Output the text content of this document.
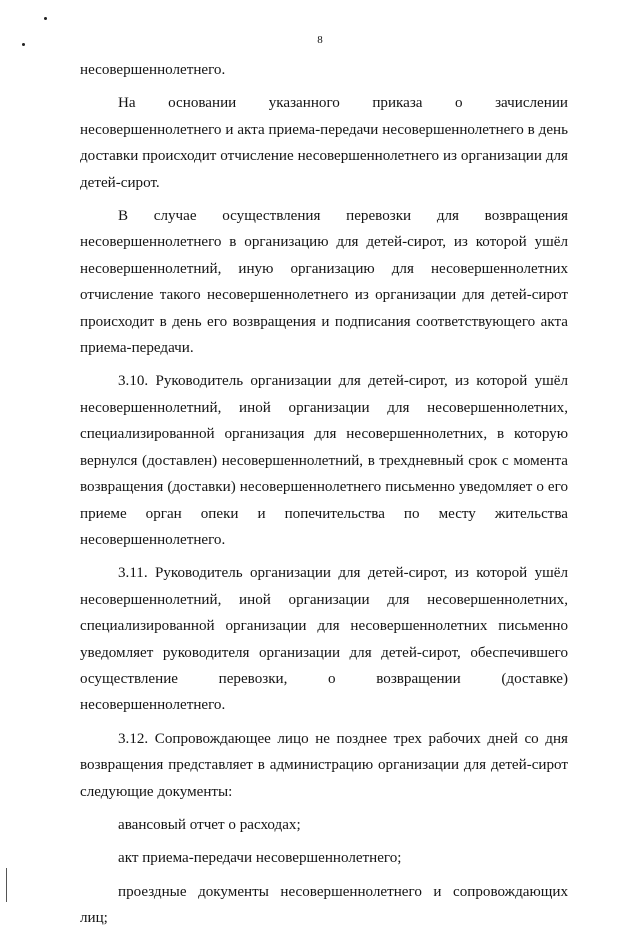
8

несовершеннолетнего.

На основании указанного приказа о зачислении несовершеннолетнего и акта приема-передачи несовершеннолетнего в день доставки происходит отчисление несовершеннолетнего из организации для детей-сирот.

В случае осуществления перевозки для возвращения несовершеннолетнего в организацию для детей-сирот, из которой ушёл несовершеннолетний, иную организацию для несовершеннолетних отчисление такого несовершеннолетнего из организации для детей-сирот происходит в день его возвращения и подписания соответствующего акта приема-передачи.

3.10. Руководитель организации для детей-сирот, из которой ушёл несовершеннолетний, иной организации для несовершеннолетних, специализированной организация для несовершеннолетних, в которую вернулся (доставлен) несовершеннолетний, в трехдневный срок с момента возвращения (доставки) несовершеннолетнего письменно уведомляет о его приеме орган опеки и попечительства по месту жительства несовершеннолетнего.

3.11. Руководитель организации для детей-сирот, из которой ушёл несовершеннолетний, иной организации для несовершеннолетних, специализированной организации для несовершеннолетних письменно уведомляет руководителя организации для детей-сирот, обеспечившего осуществление перевозки, о возвращении (доставке) несовершеннолетнего.

3.12. Сопровождающее лицо не позднее трех рабочих дней со дня возвращения представляет в администрацию организации для детей-сирот следующие документы:

авансовый отчет о расходах;

акт приема-передачи несовершеннолетнего;

проездные документы несовершеннолетнего и сопровождающих лиц;
